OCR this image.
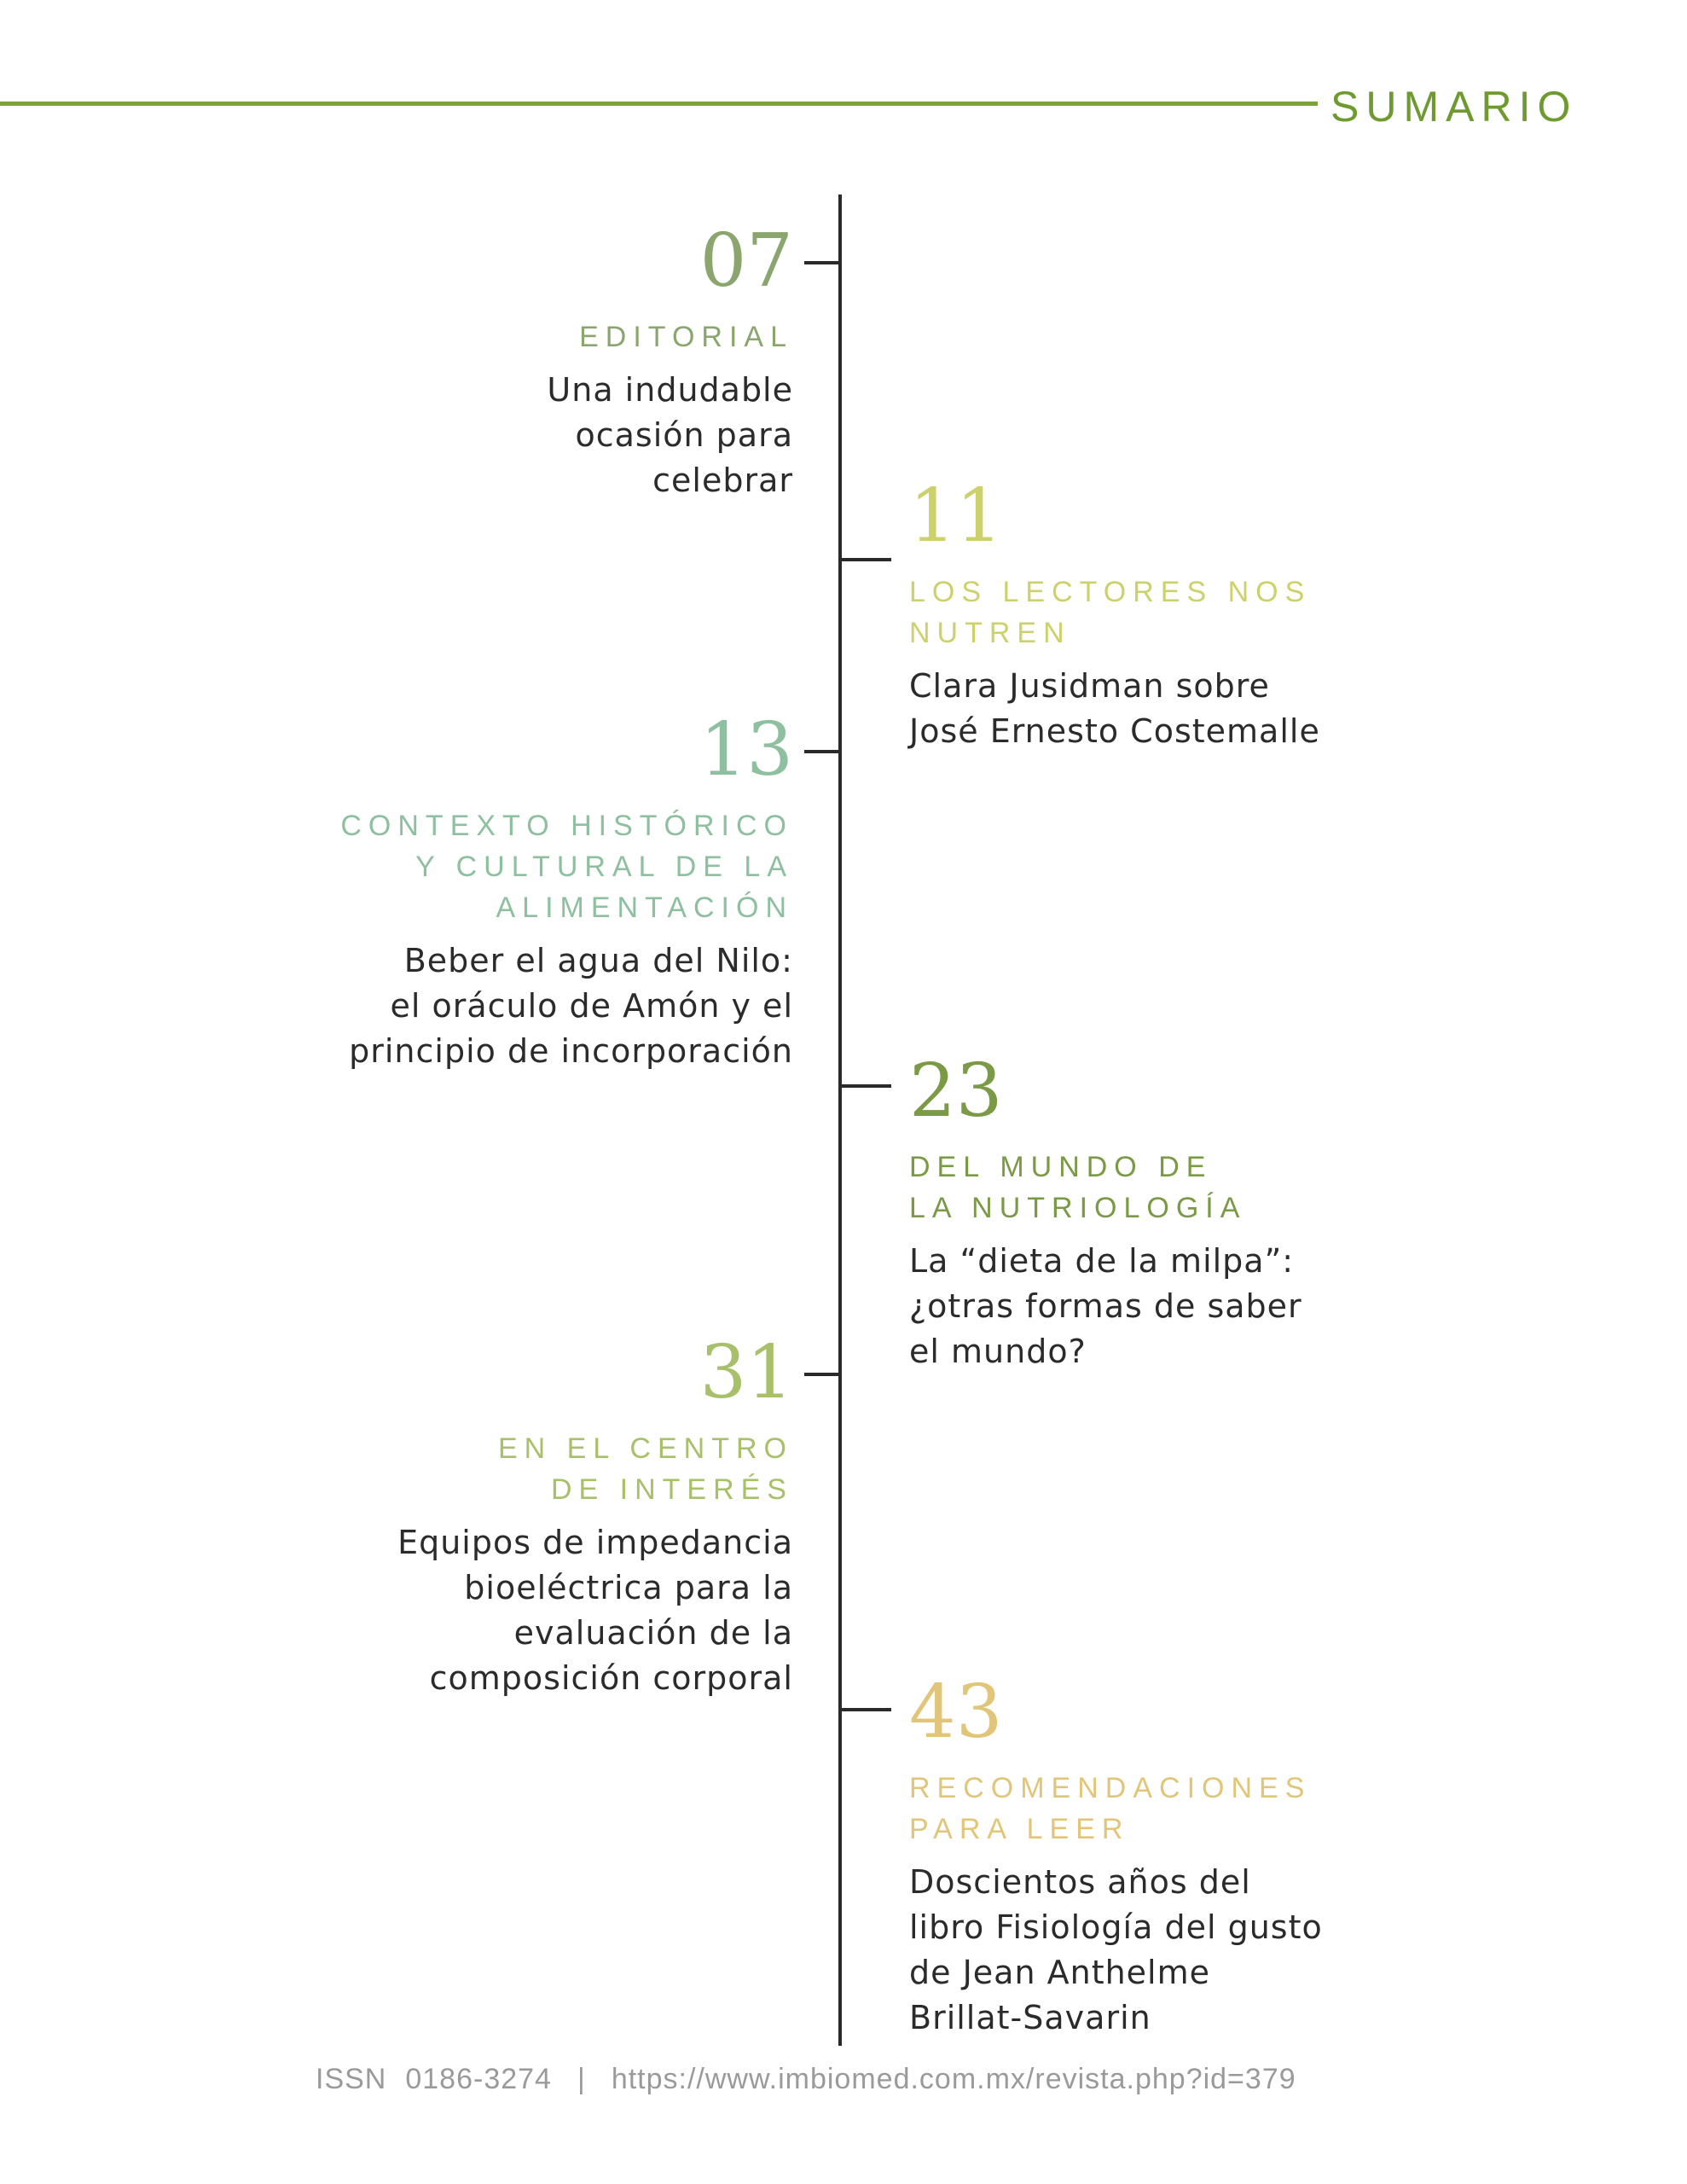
SUMARIO
07
EDITORIAL
Una indudable
ocasión para
celebrar 11
LOS LECTORES NOS
NUTREN
Clara Jusidman sobre
José Ernesto Costemalle
13
CONTEXTO HISTÓRICO
Y CULTURAL DE LA
ALIMENTACIÓN
Beber el agua del Nilo:
el oráculo de Amón y el
principio de incorporación 23
DEL MUNDO DE
LA NUTRIOLOGÍA
La “dieta de la milpa”:
¿otras formas de saber
el mundo?
31
EN EL CENTRO
DE INTERÉS
Equipos de impedancia
bioeléctrica para la
evaluación de la
composición corporal 43
RECOMENDACIONES
PARA LEER
Doscientos años del
libro Fisiología del gusto
de Jean Anthelme
Brillat-Savarin
ISSN 0186-3274 | https://www.imbiomed.com.mx/revista.php?id=379
